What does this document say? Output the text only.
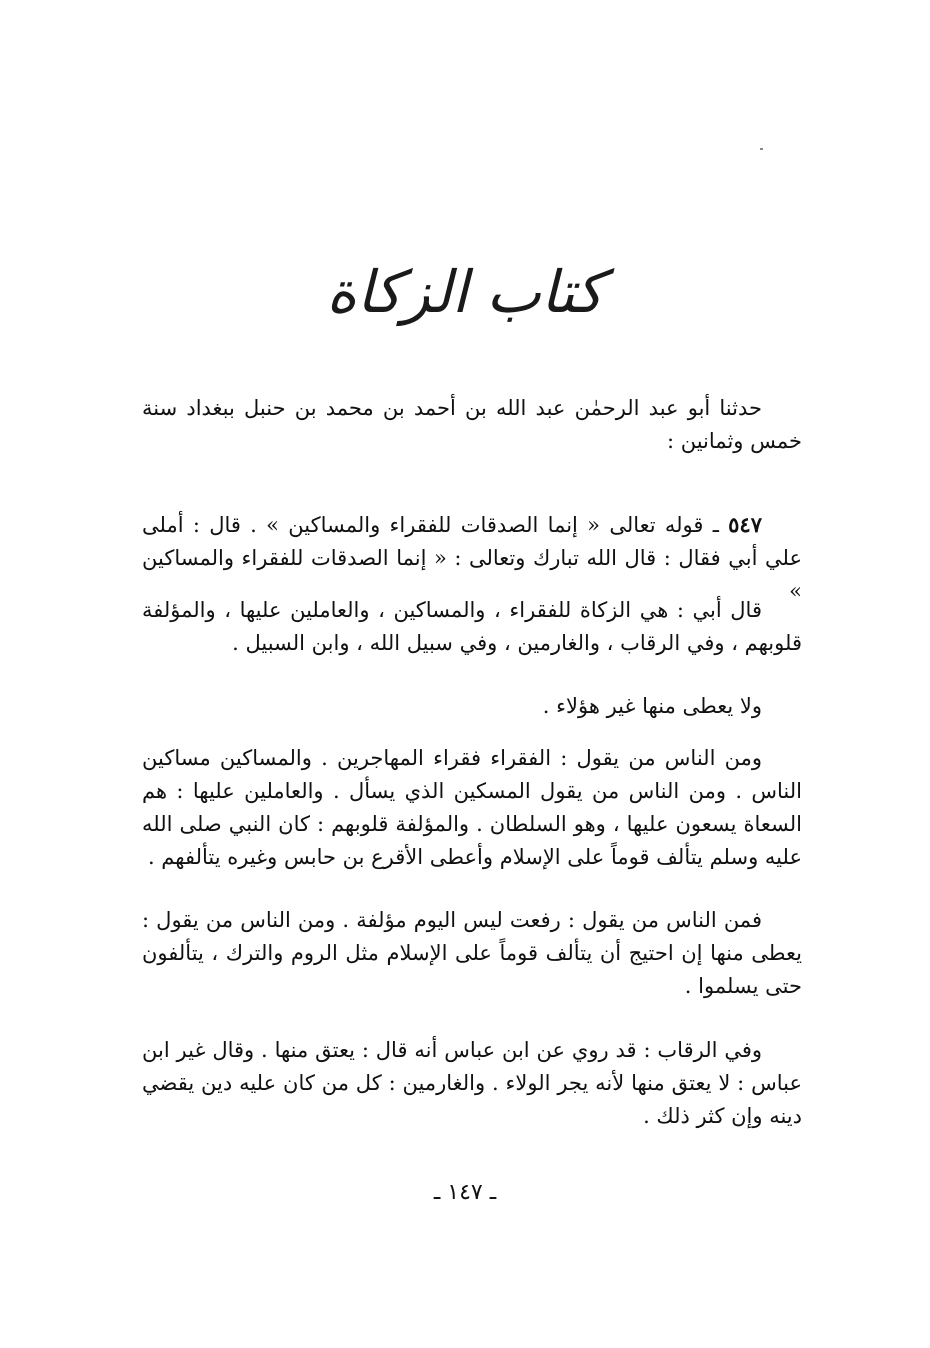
كتاب الزكاة

حدثنا أبو عبد الرحمٰن عبد الله بن أحمد بن محمد بن حنبل ببغداد سنة خمس وثمانين :

٥٤٧ ـ قوله تعالى « إنما الصدقات للفقراء والمساكين » . قال : أملى علي أبي فقال : قال الله تبارك وتعالى : « إنما الصدقات للفقراء والمساكين »

قال أبي : هي الزكاة للفقراء ، والمساكين ، والعاملين عليها ، والمؤلفة قلوبهم ، وفي الرقاب ، والغارمين ، وفي سبيل الله ، وابن السبيل .

ولا يعطى منها غير هؤلاء .

ومن الناس من يقول : الفقراء فقراء المهاجرين . والمساكين مساكين الناس . ومن الناس من يقول المسكين الذي يسأل . والعاملين عليها : هم السعاة يسعون عليها ، وهو السلطان . والمؤلفة قلوبهم : كان النبي صلى الله عليه وسلم يتألف قوماً على الإسلام وأعطى الأقرع بن حابس وغيره يتألفهم .

فمن الناس من يقول : رفعت ليس اليوم مؤلفة . ومن الناس من يقول : يعطى منها إن احتيج أن يتألف قوماً على الإسلام مثل الروم والترك ، يتألفون حتى يسلموا .

وفي الرقاب : قد روي عن ابن عباس أنه قال : يعتق منها . وقال غير ابن عباس : لا يعتق منها لأنه يجر الولاء . والغارمين : كل من كان عليه دين يقضي دينه وإن كثر ذلك .

ـ ١٤٧ ـ
